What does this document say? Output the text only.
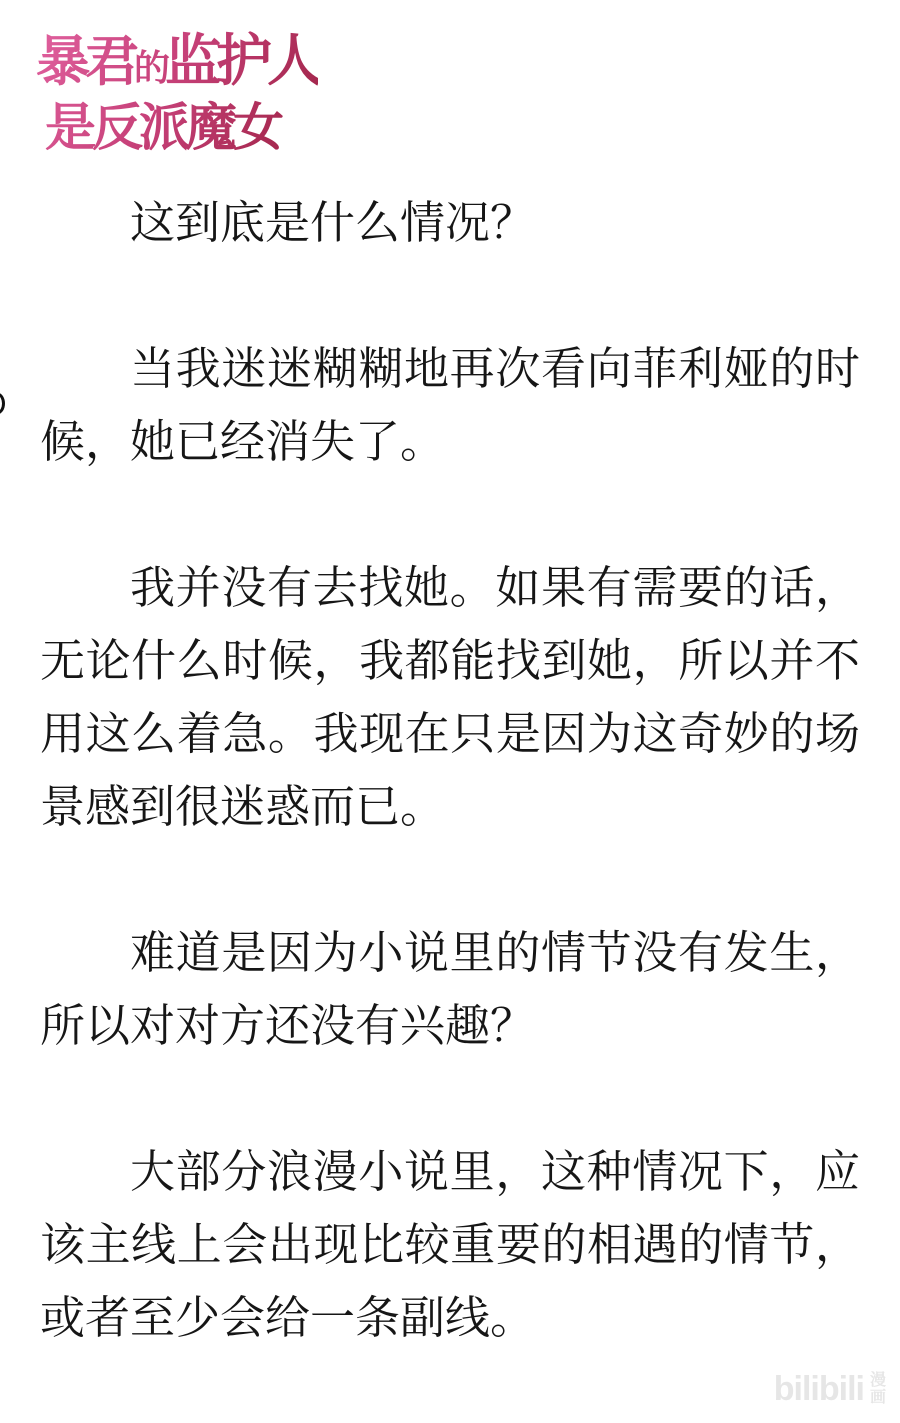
暴君的监护人
是反派魔女

这到底是什么情况？

当我迷迷糊糊地再次看向菲利娅的时候，她已经消失了。

我并没有去找她。如果有需要的话，无论什么时候，我都能找到她，所以并不用这么着急。我现在只是因为这奇妙的场景感到很迷惑而已。

难道是因为小说里的情节没有发生，所以对对方还没有兴趣？

大部分浪漫小说里，这种情况下，应该主线上会出现比较重要的相遇的情节，或者至少会给一条副线。

bilibili 漫
画
